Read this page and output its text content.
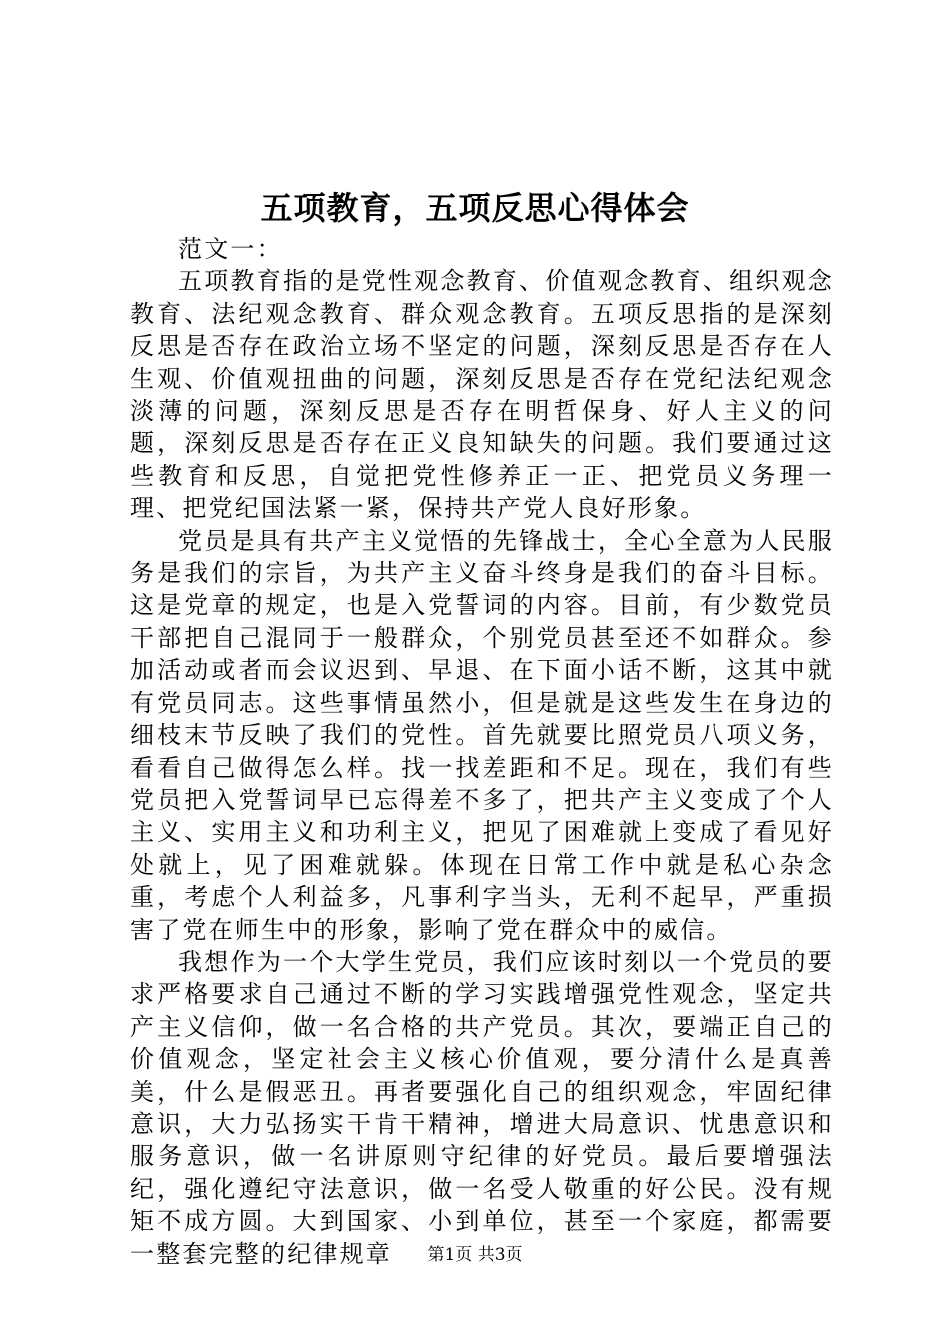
五项教育，五项反思心得体会

范文一：

五项教育指的是党性观念教育、价值观念教育、组织观念教育、法纪观念教育、群众观念教育。五项反思指的是深刻反思是否存在政治立场不坚定的问题，深刻反思是否存在人生观、价值观扭曲的问题，深刻反思是否存在党纪法纪观念淡薄的问题，深刻反思是否存在明哲保身、好人主义的问题，深刻反思是否存在正义良知缺失的问题。我们要通过这些教育和反思，自觉把党性修养正一正、把党员义务理一理、把党纪国法紧一紧，保持共产党人良好形象。

党员是具有共产主义觉悟的先锋战士，全心全意为人民服务是我们的宗旨，为共产主义奋斗终身是我们的奋斗目标。这是党章的规定，也是入党誓词的内容。目前，有少数党员干部把自己混同于一般群众，个别党员甚至还不如群众。参加活动或者而会议迟到、早退、在下面小话不断，这其中就有党员同志。这些事情虽然小，但是就是这些发生在身边的细枝末节反映了我们的党性。首先就要比照党员八项义务，看看自己做得怎么样。找一找差距和不足。现在，我们有些党员把入党誓词早已忘得差不多了，把共产主义变成了个人主义、实用主义和功利主义，把见了困难就上变成了看见好处就上，见了困难就躲。体现在日常工作中就是私心杂念重，考虑个人利益多，凡事利字当头，无利不起早，严重损害了党在师生中的形象，影响了党在群众中的威信。

我想作为一个大学生党员，我们应该时刻以一个党员的要求严格要求自己通过不断的学习实践增强党性观念，坚定共产主义信仰，做一名合格的共产党员。其次，要端正自己的价值观念，坚定社会主义核心价值观，要分清什么是真善美，什么是假恶丑。再者要强化自己的组织观念，牢固纪律意识，大力弘扬实干肯干精神，增进大局意识、忧患意识和服务意识，做一名讲原则守纪律的好党员。最后要增强法纪，强化遵纪守法意识，做一名受人敬重的好公民。没有规矩不成方圆。大到国家、小到单位，甚至一个家庭，都需要一整套完整的纪律规章	第1页 共3页
